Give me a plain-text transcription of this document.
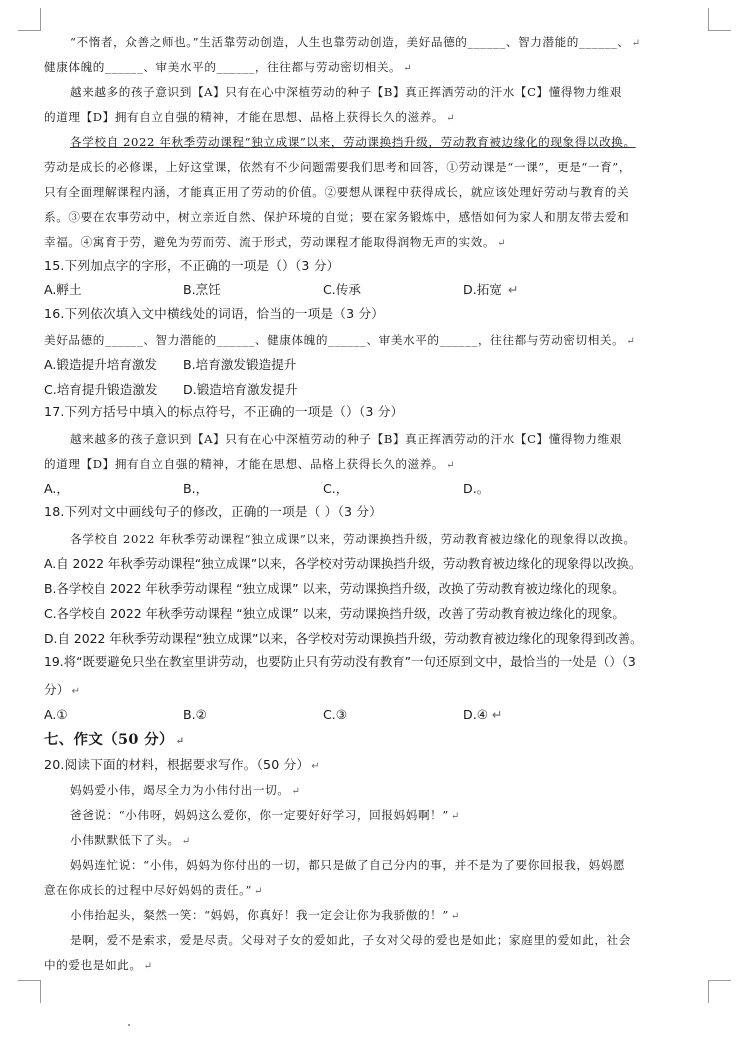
“不惰者，众善之师也。”生活靠劳动创造，人生也靠劳动创造，美好品德的______、智力潜能的______、 ↵
健康体魄的______、审美水平的______，往往都与劳动密切相关。 ↵
越来越多的孩子意识到【A】只有在心中深植劳动的种子【B】真正挥洒劳动的汗水【C】懂得物力维艰
的道理【D】拥有自立自强的精神，才能在思想、品格上获得长久的滋养。 ↵
各学校自 2022 年秋季劳动课程“独立成课”以来，劳动课换挡升级，劳动教育被边缘化的现象得以改换。
劳动是成长的必修课，上好这堂课，依然有不少问题需要我们思考和回答，①劳动课是“一课”，更是“一育”，
只有全面理解课程内涵，才能真正用了劳动的价值。②要想从课程中获得成长，就应该处理好劳动与教育的关
系。③要在农事劳动中，树立亲近自然、保护环境的自觉；要在家务锻炼中，感悟如何为家人和朋友带去爱和
幸福。④寓育于劳，避免为劳而劳、流于形式，劳动课程才能取得润物无声的实效。 ↵
15.下列加点字的字形，不正确的一项是（）（3 分）
A.孵土	B.烹饪	C.传承	D.拓宽 ↵
16.下列依次填入文中横线处的词语，恰当的一项是（3 分）
美好品德的______、智力潜能的______、健康体魄的______、审美水平的______，往往都与劳动密切相关。 ↵
A.锻造提升培育激发 B.培育激发锻造提升
C.培育提升锻造激发 D.锻造培育激发提升
17.下列方括号中填入的标点符号，不正确的一项是（）（3 分）
越来越多的孩子意识到【A】只有在心中深植劳动的种子【B】真正挥洒劳动的汗水【C】懂得物力维艰
的道理【D】拥有自立自强的精神，才能在思想、品格上获得长久的滋养。 ↵
A.，	B.，	C.，	D.。
18.下列对文中画线句子的修改，正确的一项是（ ）（3 分）
各学校自 2022 年秋季劳动课程“独立成课”以来，劳动课换挡升级，劳动教育被边缘化的现象得以改换。
A.自 2022 年秋季劳动课程“独立成课”以来，各学校对劳动课换挡升级，劳动教育被边缘化的现象得以改换。
B.各学校自 2022 年秋季劳动课程 “独立成课” 以来，劳动课换挡升级，改换了劳动教育被边缘化的现象。
C.各学校自 2022 年秋季劳动课程 “独立成课” 以来，劳动课换挡升级，改善了劳动教育被边缘化的现象。
D.自 2022 年秋季劳动课程“独立成课”以来，各学校对劳动课换挡升级，劳动教育被边缘化的现象得到改善。
19.将“既要避免只坐在教室里讲劳动，也要防止只有劳动没有教育”一句还原到文中，最恰当的一处是（）（3
分） ↵
A.①	B.②	C.③	D.④ ↵
七、作文（50 分） ↵
20.阅读下面的材料，根据要求写作。（50 分） ↵
妈妈爱小伟，竭尽全力为小伟付出一切。 ↵
爸爸说：“小伟呀，妈妈这么爱你，你一定要好好学习，回报妈妈啊！” ↵
小伟默默低下了头。 ↵
妈妈连忙说：“小伟，妈妈为你付出的一切，都只是做了自己分内的事，并不是为了要你回报我，妈妈愿
意在你成长的过程中尽好妈妈的责任。” ↵
小伟抬起头，粲然一笑：“妈妈，你真好！我一定会让你为我骄傲的！” ↵
是啊，爱不是索求，爱是尽责。父母对子女的爱如此，子女对父母的爱也是如此；家庭里的爱如此，社会
中的爱也是如此。 ↵
